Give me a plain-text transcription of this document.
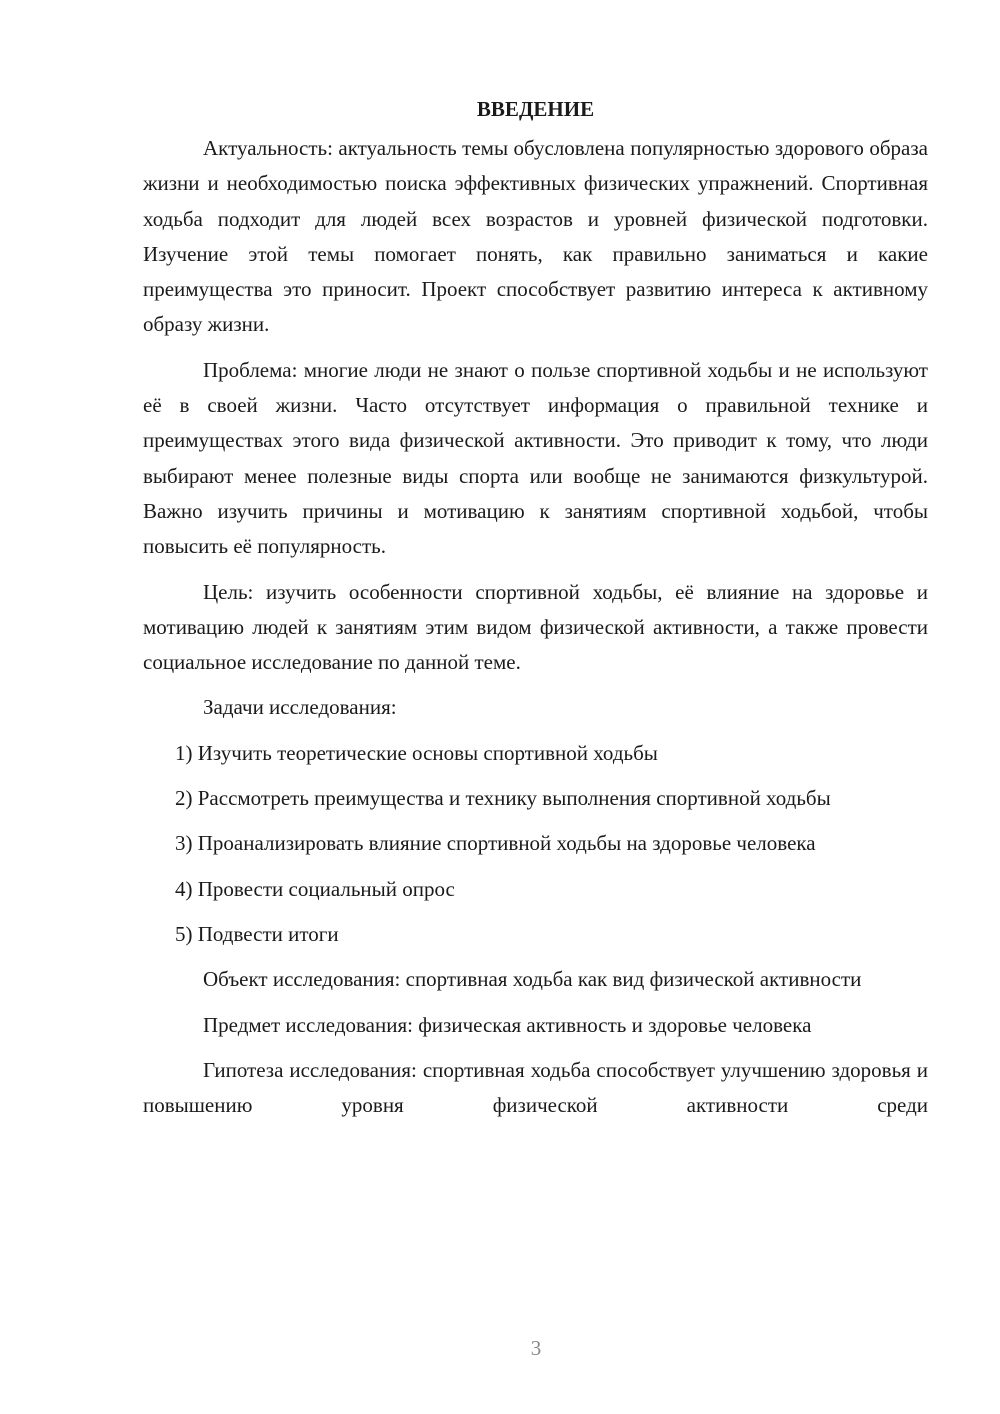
ВВЕДЕНИЕ

Актуальность: актуальность темы обусловлена популярностью здорового образа жизни и необходимостью поиска эффективных физических упражнений. Спортивная ходьба подходит для людей всех возрастов и уровней физической подготовки. Изучение этой темы помогает понять, как правильно заниматься и какие преимущества это приносит. Проект способствует развитию интереса к активному образу жизни.

Проблема: многие люди не знают о пользе спортивной ходьбы и не используют её в своей жизни. Часто отсутствует информация о правильной технике и преимуществах этого вида физической активности. Это приводит к тому, что люди выбирают менее полезные виды спорта или вообще не занимаются физкультурой. Важно изучить причины и мотивацию к занятиям спортивной ходьбой, чтобы повысить её популярность.

Цель: изучить особенности спортивной ходьбы, её влияние на здоровье и мотивацию людей к занятиям этим видом физической активности, а также провести социальное исследование по данной теме.

Задачи исследования:

1) Изучить теоретические основы спортивной ходьбы

2) Рассмотреть преимущества и технику выполнения спортивной ходьбы

3) Проанализировать влияние спортивной ходьбы на здоровье человека

4) Провести социальный опрос

5) Подвести итоги

Объект исследования: спортивная ходьба как вид физической активности

Предмет исследования: физическая активность и здоровье человека

Гипотеза исследования: спортивная ходьба способствует улучшению здоровья и повышению уровня физической активности среди

3
